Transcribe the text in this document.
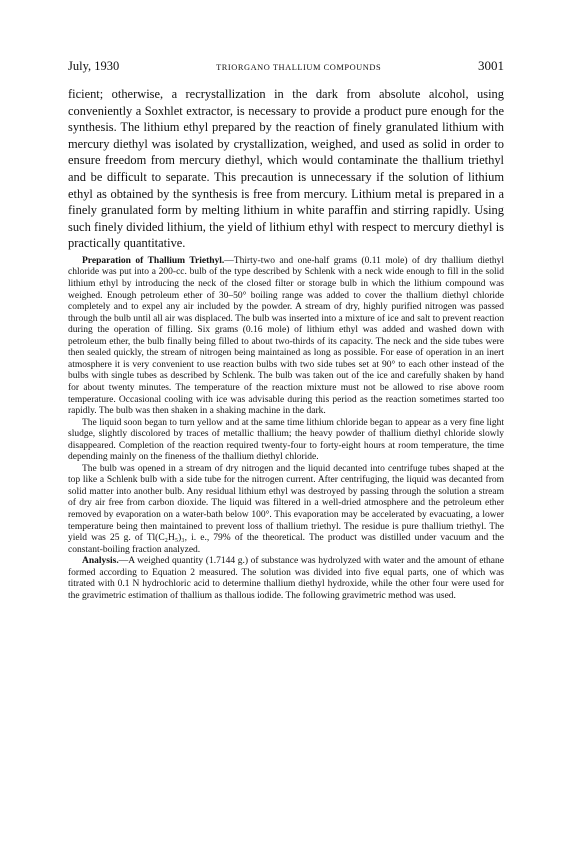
July, 1930	TRIORGANO THALLIUM COMPOUNDS	3001

ficient; otherwise, a recrystallization in the dark from absolute alcohol, using conveniently a Soxhlet extractor, is necessary to provide a product pure enough for the synthesis. The lithium ethyl prepared by the reaction of finely granulated lithium with mercury diethyl was isolated by crystallization, weighed, and used as solid in order to ensure freedom from mercury diethyl, which would contaminate the thallium triethyl and be difficult to separate. This precaution is unnecessary if the solution of lithium ethyl as obtained by the synthesis is free from mercury. Lithium metal is prepared in a finely granulated form by melting lithium in white paraffin and stirring rapidly. Using such finely divided lithium, the yield of lithium ethyl with respect to mercury diethyl is practically quantitative.

Preparation of Thallium Triethyl.—Thirty-two and one-half grams (0.11 mole) of dry thallium diethyl chloride was put into a 200-cc. bulb of the type described by Schlenk with a neck wide enough to fill in the solid lithium ethyl by introducing the neck of the closed filter or storage bulb in which the lithium compound was weighed. Enough petroleum ether of 30–50° boiling range was added to cover the thallium diethyl chloride completely and to expel any air included by the powder. A stream of dry, highly purified nitrogen was passed through the bulb until all air was displaced. The bulb was inserted into a mixture of ice and salt to prevent reaction during the operation of filling. Six grams (0.16 mole) of lithium ethyl was added and washed down with petroleum ether, the bulb finally being filled to about two-thirds of its capacity. The neck and the side tubes were then sealed quickly, the stream of nitrogen being maintained as long as possible. For ease of operation in an inert atmosphere it is very convenient to use reaction bulbs with two side tubes set at 90° to each other instead of the bulbs with single tubes as described by Schlenk. The bulb was taken out of the ice and carefully shaken by hand for about twenty minutes. The temperature of the reaction mixture must not be allowed to rise above room temperature. Occasional cooling with ice was advisable during this period as the reaction sometimes started too rapidly. The bulb was then shaken in a shaking machine in the dark.

The liquid soon began to turn yellow and at the same time lithium chloride began to appear as a very fine light sludge, slightly discolored by traces of metallic thallium; the heavy powder of thallium diethyl chloride slowly disappeared. Completion of the reaction required twenty-four to forty-eight hours at room temperature, the time depending mainly on the fineness of the thallium diethyl chloride.

The bulb was opened in a stream of dry nitrogen and the liquid decanted into centrifuge tubes shaped at the top like a Schlenk bulb with a side tube for the nitrogen current. After centrifuging, the liquid was decanted from solid matter into another bulb. Any residual lithium ethyl was destroyed by passing through the solution a stream of dry air free from carbon dioxide. The liquid was filtered in a well-dried atmosphere and the petroleum ether removed by evaporation on a water-bath below 100°. This evaporation may be accelerated by evacuating, a lower temperature being then maintained to prevent loss of thallium triethyl. The residue is pure thallium triethyl. The yield was 25 g. of Tl(C₂H₅)₃, i. e., 79% of the theoretical. The product was distilled under vacuum and the constant-boiling fraction analyzed.

Analysis.—A weighed quantity (1.7144 g.) of substance was hydrolyzed with water and the amount of ethane formed according to Equation 2 measured. The solution was divided into five equal parts, one of which was titrated with 0.1 N hydrochloric acid to determine thallium diethyl hydroxide, while the other four were used for the gravimetric estimation of thallium as thallous iodide. The following gravimetric method was used.
